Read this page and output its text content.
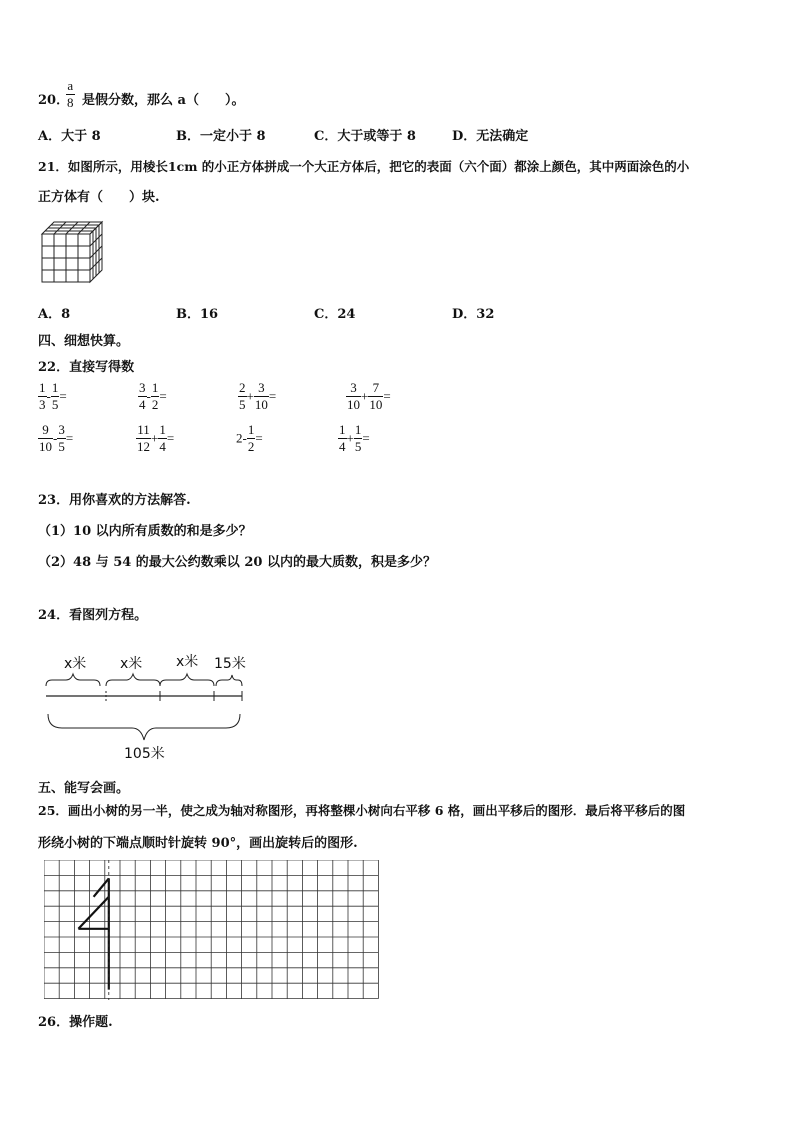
20．
$\frac{a}{8}$ 是假分数，那么 a（　　）。
A．大于 8	B．一定小于 8	C．大于或等于 8	D．无法确定
21．如图所示，用棱长1cm 的小正方体拼成一个大正方体后，把它的表面（六个面）都涂上颜色，其中两面涂色的小
正方体有（　　）块.
A．8	B．16	C．24	D．32
四、细想快算。
22．直接写得数
$\frac{1}{3} - \frac{1}{5}$ =	$\frac{3}{4} - \frac{1}{2}$ =	$\frac{2}{5} + \frac{3}{10}$ =	$\frac{3}{10} + \frac{7}{10}$ =
$\frac{9}{10} - \frac{3}{5}$ =	$\frac{11}{12} + \frac{1}{4}$ =	$2- \frac{1}{2}$ =	$\frac{1}{4} + \frac{1}{5}$ =
23．用你喜欢的方法解答.
（1）10 以内所有质数的和是多少？
（2）48 与 54 的最大公约数乘以 20 以内的最大质数，积是多少？
24．看图列方程。
x米 x米 x米 15米
105米
五、能写会画。
25．画出小树的另一半，使之成为轴对称图形，再将整棵小树向右平移 6 格，画出平移后的图形．最后将平移后的图
形绕小树的下端点顺时针旋转 90°，画出旋转后的图形.
26．操作题.
